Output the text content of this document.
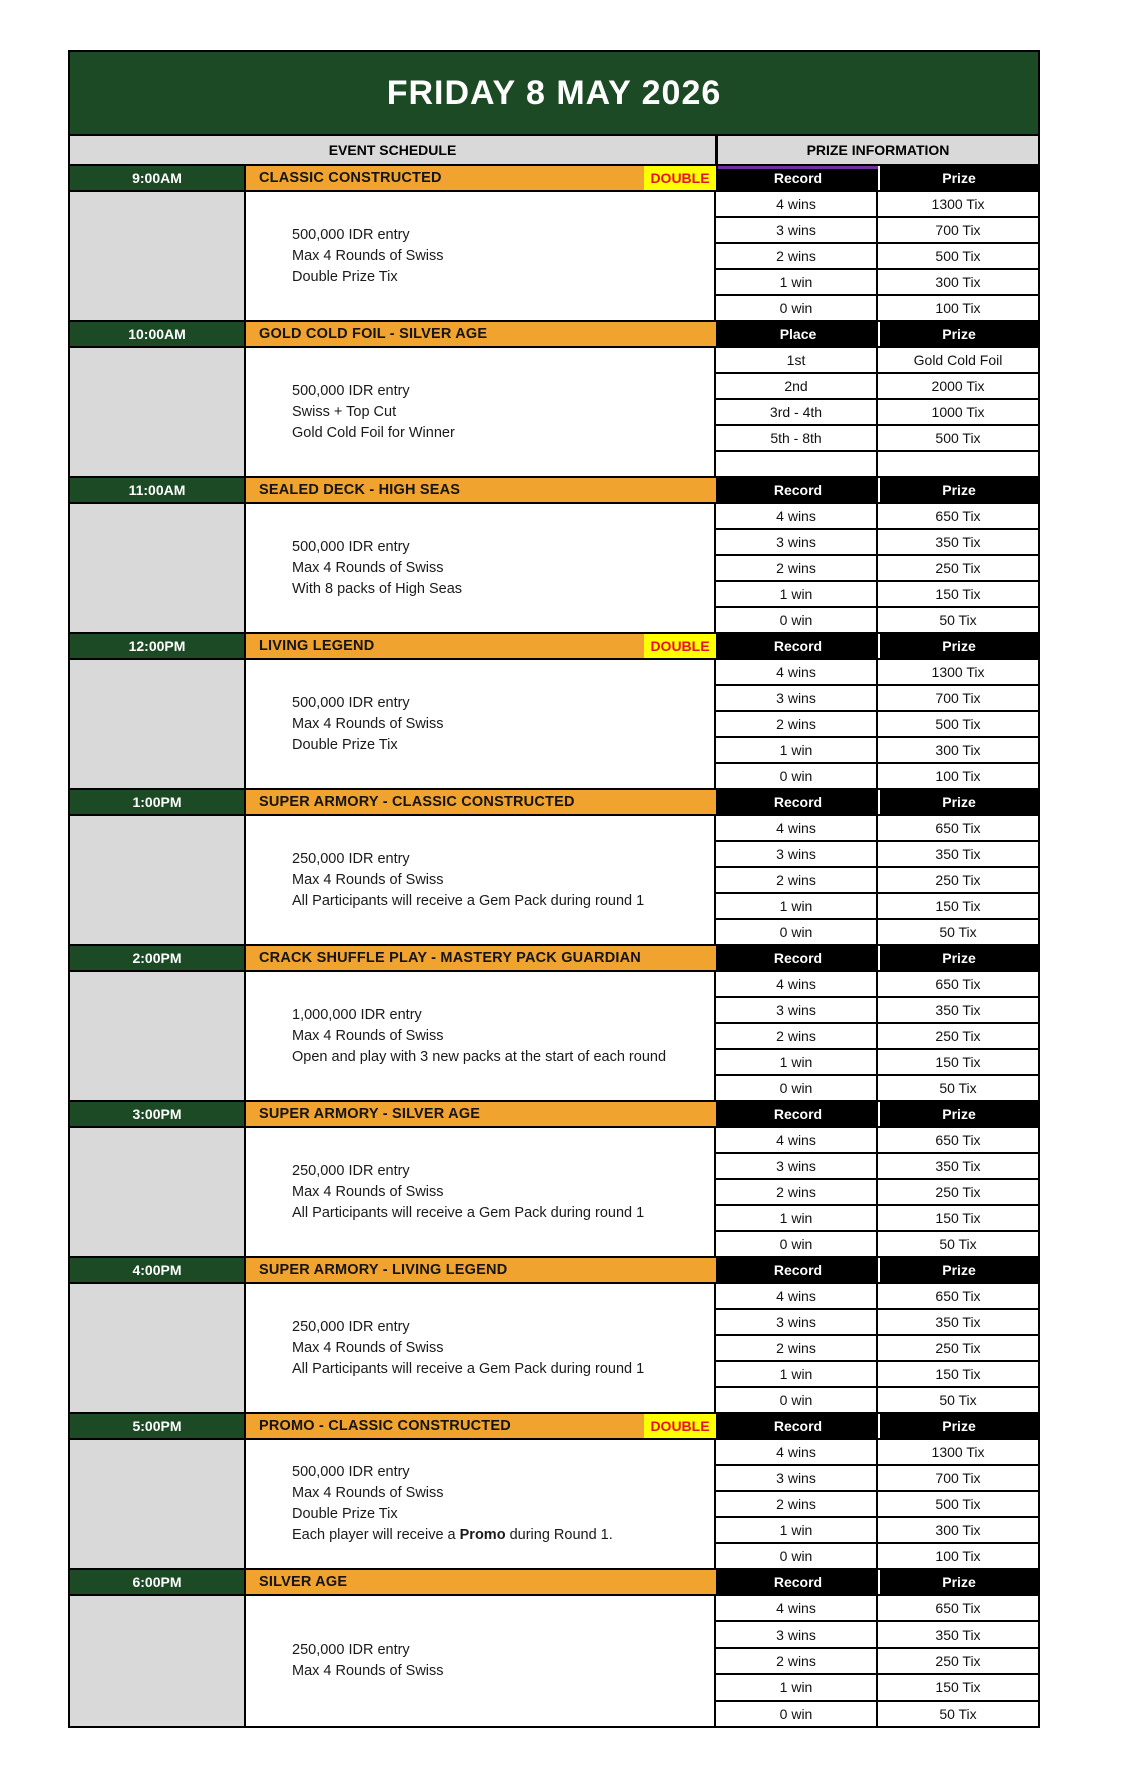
FRIDAY 8 MAY 2026
EVENT SCHEDULE	PRIZE INFORMATION
9:00AM	CLASSIC CONSTRUCTED	DOUBLE	Record	Prize
500,000 IDR entry
Max 4 Rounds of Swiss
Double Prize Tix
4 wins	1300 Tix
3 wins	700 Tix
2 wins	500 Tix
1 win	300 Tix
0 win	100 Tix
10:00AM	GOLD COLD FOIL - SILVER AGE	Place	Prize
500,000 IDR entry
Swiss + Top Cut
Gold Cold Foil for Winner
1st	Gold Cold Foil
2nd	2000 Tix
3rd - 4th	1000 Tix
5th - 8th	500 Tix
11:00AM	SEALED DECK - HIGH SEAS	Record	Prize
500,000 IDR entry
Max 4 Rounds of Swiss
With 8 packs of High Seas
4 wins	650 Tix
3 wins	350 Tix
2 wins	250 Tix
1 win	150 Tix
0 win	50 Tix
12:00PM	LIVING LEGEND	DOUBLE	Record	Prize
500,000 IDR entry
Max 4 Rounds of Swiss
Double Prize Tix
4 wins	1300 Tix
3 wins	700 Tix
2 wins	500 Tix
1 win	300 Tix
0 win	100 Tix
1:00PM	SUPER ARMORY - CLASSIC CONSTRUCTED	Record	Prize
250,000 IDR entry
Max 4 Rounds of Swiss
All Participants will receive a Gem Pack during round 1
4 wins	650 Tix
3 wins	350 Tix
2 wins	250 Tix
1 win	150 Tix
0 win	50 Tix
2:00PM	CRACK SHUFFLE PLAY - MASTERY PACK GUARDIAN	Record	Prize
1,000,000 IDR entry
Max 4 Rounds of Swiss
Open and play with 3 new packs at the start of each round
4 wins	650 Tix
3 wins	350 Tix
2 wins	250 Tix
1 win	150 Tix
0 win	50 Tix
3:00PM	SUPER ARMORY - SILVER AGE	Record	Prize
250,000 IDR entry
Max 4 Rounds of Swiss
All Participants will receive a Gem Pack during round 1
4 wins	650 Tix
3 wins	350 Tix
2 wins	250 Tix
1 win	150 Tix
0 win	50 Tix
4:00PM	SUPER ARMORY - LIVING LEGEND	Record	Prize
250,000 IDR entry
Max 4 Rounds of Swiss
All Participants will receive a Gem Pack during round 1
4 wins	650 Tix
3 wins	350 Tix
2 wins	250 Tix
1 win	150 Tix
0 win	50 Tix
5:00PM	PROMO - CLASSIC CONSTRUCTED	DOUBLE	Record	Prize
500,000 IDR entry
Max 4 Rounds of Swiss
Double Prize Tix
Each player will receive a Promo during Round 1.
4 wins	1300 Tix
3 wins	700 Tix
2 wins	500 Tix
1 win	300 Tix
0 win	100 Tix
6:00PM	SILVER AGE	Record	Prize
250,000 IDR entry
Max 4 Rounds of Swiss
4 wins	650 Tix
3 wins	350 Tix
2 wins	250 Tix
1 win	150 Tix
0 win	50 Tix
